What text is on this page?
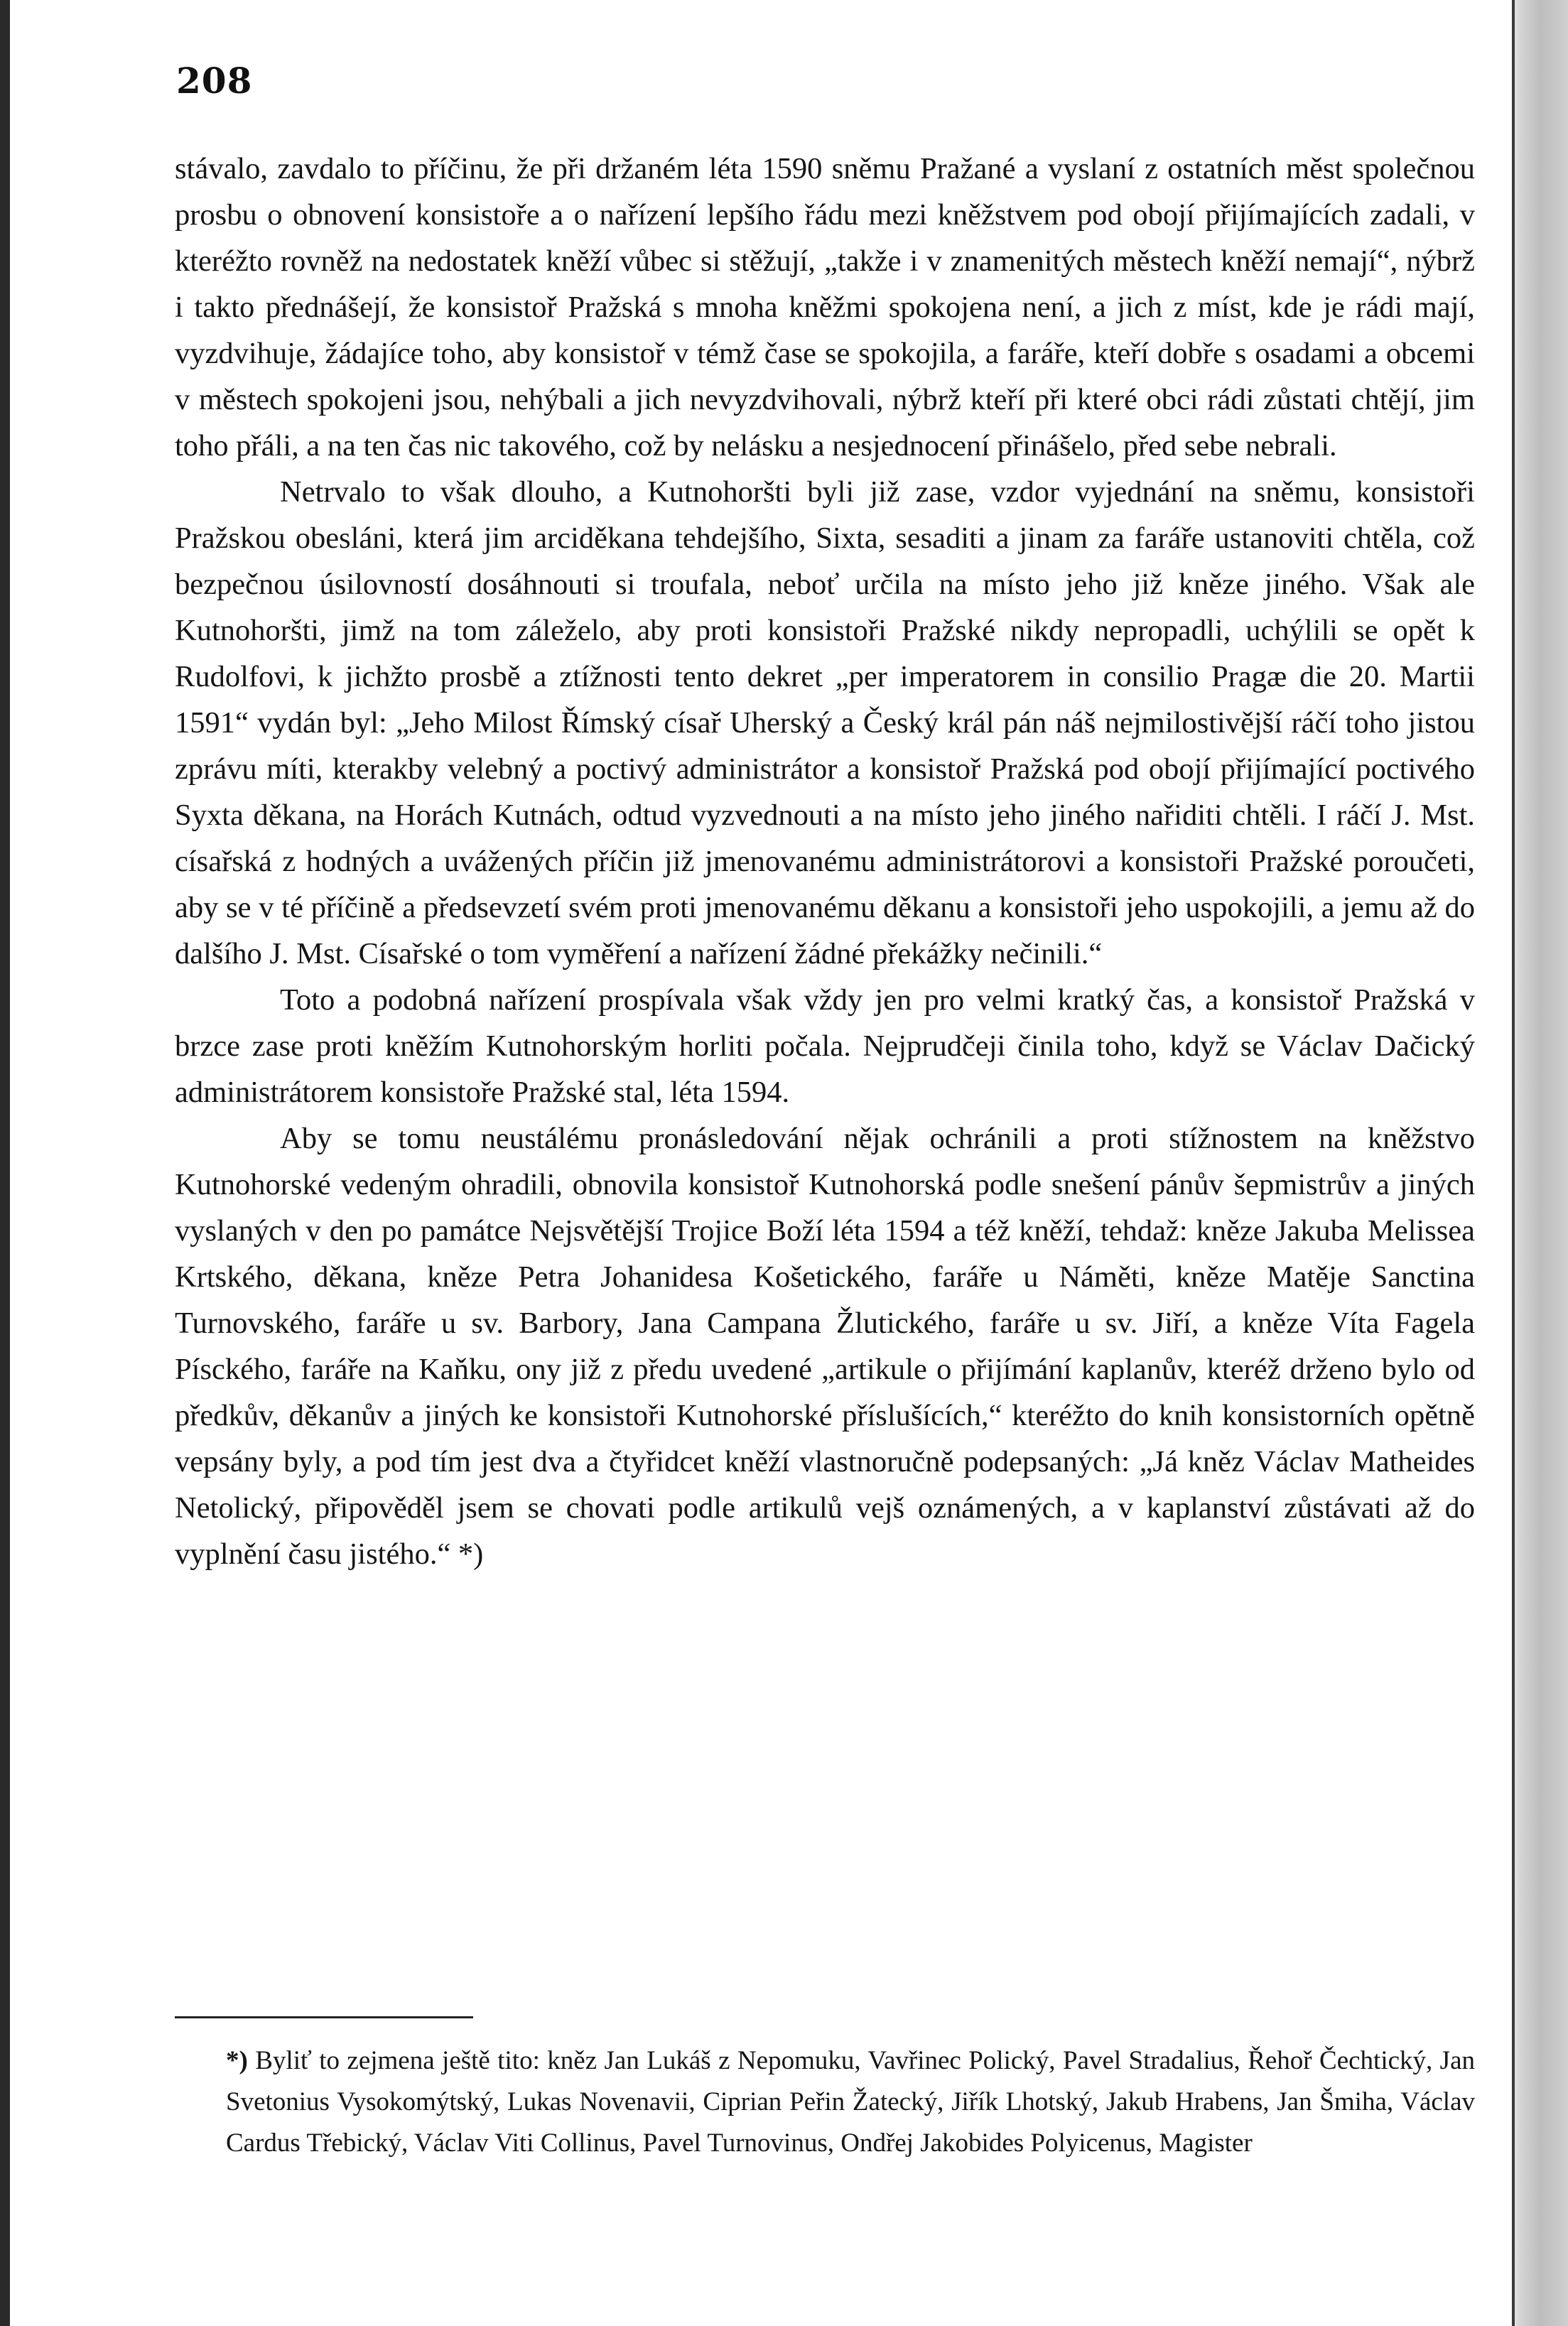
208

stávalo, zavdalo to příčinu, že při držaném léta 1590 sněmu Pražané a vyslaní z ostatních měst společnou prosbu o obnovení konsistoře a o nařízení lepšího řádu mezi kněžstvem pod obojí přijímajících zadali, v kteréžto rovněž na nedostatek kněží vůbec si stěžují, „takže i v znamenitých městech kněží nemají“, nýbrž i takto přednášejí, že konsistoř Pražská s mnoha kněžmi spokojena není, a jich z míst, kde je rádi mají, vyzdvihuje, žádajíce toho, aby konsistoř v témž čase se spokojila, a faráře, kteří dobře s osadami a obcemi v městech spokojeni jsou, nehýbali a jich nevyzdvihovali, nýbrž kteří při které obci rádi zůstati chtějí, jim toho přáli, a na ten čas nic takového, což by nelásku a nesjednocení přinášelo, před sebe nebrali.

Netrvalo to však dlouho, a Kutnohoršti byli již zase, vzdor vyjednání na sněmu, konsistoři Pražskou obesláni, která jim arciděkana tehdejšího, Sixta, sesaditi a jinam za faráře ustanoviti chtěla, což bezpečnou úsilovností dosáhnouti si troufala, neboť určila na místo jeho již kněze jiného. Však ale Kutnohoršti, jimž na tom záleželo, aby proti konsistoři Pražské nikdy nepropadli, uchýlili se opět k Rudolfovi, k jichžto prosbě a ztížnosti tento dekret „per imperatorem in consilio Pragæ die 20. Martii 1591“ vydán byl: „Jeho Milost Římský císař Uherský a Český král pán náš nejmilostivější ráčí toho jistou zprávu míti, kterakby velebný a poctivý administrátor a konsistoř Pražská pod obojí přijímající poctivého Syxta děkana, na Horách Kutnách, odtud vyzvednouti a na místo jeho jiného nařiditi chtěli. I ráčí J. Mst. císařská z hodných a uvážených příčin již jmenovanému administrátorovi a konsistoři Pražské poroučeti, aby se v té příčině a předsevzetí svém proti jmenovanému děkanu a konsistoři jeho uspokojili, a jemu až do dalšího J. Mst. Císařské o tom vyměření a nařízení žádné překážky nečinili.“

Toto a podobná nařízení prospívala však vždy jen pro velmi kratký čas, a konsistoř Pražská v brzce zase proti kněžím Kutnohorským horliti počala. Nejprudčeji činila toho, když se Václav Dačický administrátorem konsistoře Pražské stal, léta 1594.

Aby se tomu neustálému pronásledování nějak ochránili a proti stížnostem na kněžstvo Kutnohorské vedeným ohradili, obnovila konsistoř Kutnohorská podle snešení pánův šepmistrův a jiných vyslaných v den po památce Nejsvětější Trojice Boží léta 1594 a též kněží, tehdaž: kněze Jakuba Melissea Krtského, děkana, kněze Petra Johanidesa Košetického, faráře u Náměti, kněze Matěje Sanctina Turnovského, faráře u sv. Barbory, Jana Campana Žlutického, faráře u sv. Jiří, a kněze Víta Fagela Písckého, faráře na Kaňku, ony již z předu uvedené „artikule o přijímání kaplanův, kteréž drženo bylo od předkův, děkanův a jiných ke konsistoři Kutnohorské příslušících,“ kteréžto do knih konsistorních opětně vepsány byly, a pod tím jest dva a čtyřidcet kněží vlastnoručně podepsaných: „Já kněz Václav Matheides Netolický, připověděl jsem se chovati podle artikulů vejš oznámených, a v kaplanství zůstávati až do vyplnění času jistého.“ *)

*) Byliť to zejmena ještě tito: kněz Jan Lukáš z Nepomuku, Vavřinec Polický, Pavel Stradalius, Řehoř Čechtický, Jan Svetonius Vysokomýtský, Lukas Novenavii, Ciprian Peřin Žatecký, Jiřík Lhotský, Jakub Hrabens, Jan Šmiha, Václav Cardus Třebický, Václav Viti Collinus, Pavel Turnovinus, Ondřej Jakobides Polyicenus, Magister
